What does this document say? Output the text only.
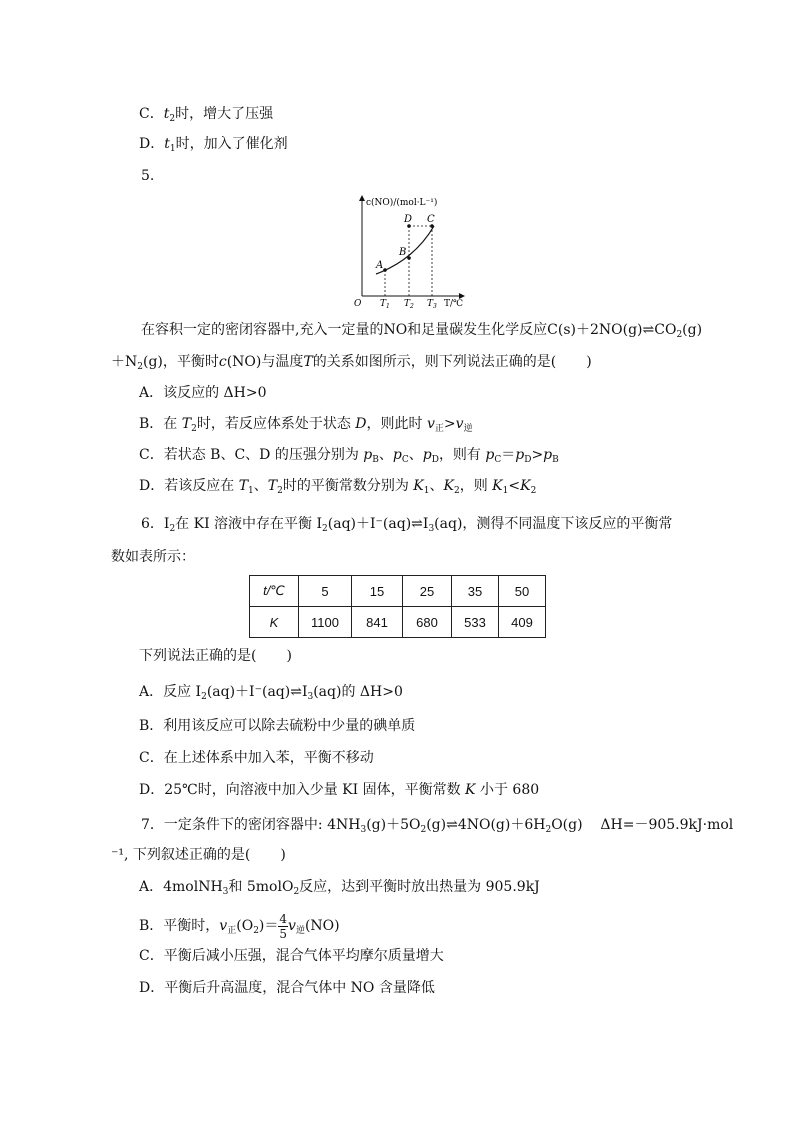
C．$t_2$时，增大了压强
D．$t_1$时，加入了催化剂
5.
c(NO)/(mol·L⁻¹)
O
A
B
C
D
$T_1$ $T_2$ $T_3$ T/℃
在容积一定的密闭容器中,充入一定量的NO和足量碳发生化学反应$C(s)+2NO(g)\rightleftharpoons CO_2(g)$
$+N_2(g)$，平衡时c(NO)与温度T的关系如图所示，则下列说法正确的是( )
A．该反应的 ΔH>0
B．在 $T_2$时，若反应体系处于状态 D，则此时 $v_正>v_逆$
C．若状态 B、C、D 的压强分别为 $p_B$、$p_C$、$p_D$，则有 $p_C=p_D>p_B$
D．若该反应在 $T_1$、$T_2$时的平衡常数分别为 $K_1$、$K_2$，则 $K_1<K_2$
6．$I_2$在 KI 溶液中存在平衡 $I_2(aq)+I^-(aq)\rightleftharpoons I_3(aq)$，测得不同温度下该反应的平衡常
数如表所示：
t/℃	5	15	25	35	50
K	1100	841	680	533	409
下列说法正确的是( )
A．反应 $I_2(aq)+I^-(aq)\rightleftharpoons I_3(aq)$的 ΔH>0
B．利用该反应可以除去硫粉中少量的碘单质
C．在上述体系中加入苯，平衡不移动
D．25℃时，向溶液中加入少量 KI 固体，平衡常数 K 小于 680
7．一定条件下的密闭容器中: $4NH_3(g)+5O_2(g)\rightleftharpoons 4NO(g)+6H_2O(g)$ ΔH=－905.9kJ·mol
⁻¹, 下列叙述正确的是( )
A．4molNH$_3$和 5molO$_2$反应，达到平衡时放出热量为 905.9kJ
B．平衡时，$v_正(O_2)= \frac{4}{5} v_逆(NO)$
C．平衡后减小压强，混合气体平均摩尔质量增大
D．平衡后升高温度，混合气体中 NO 含量降低
